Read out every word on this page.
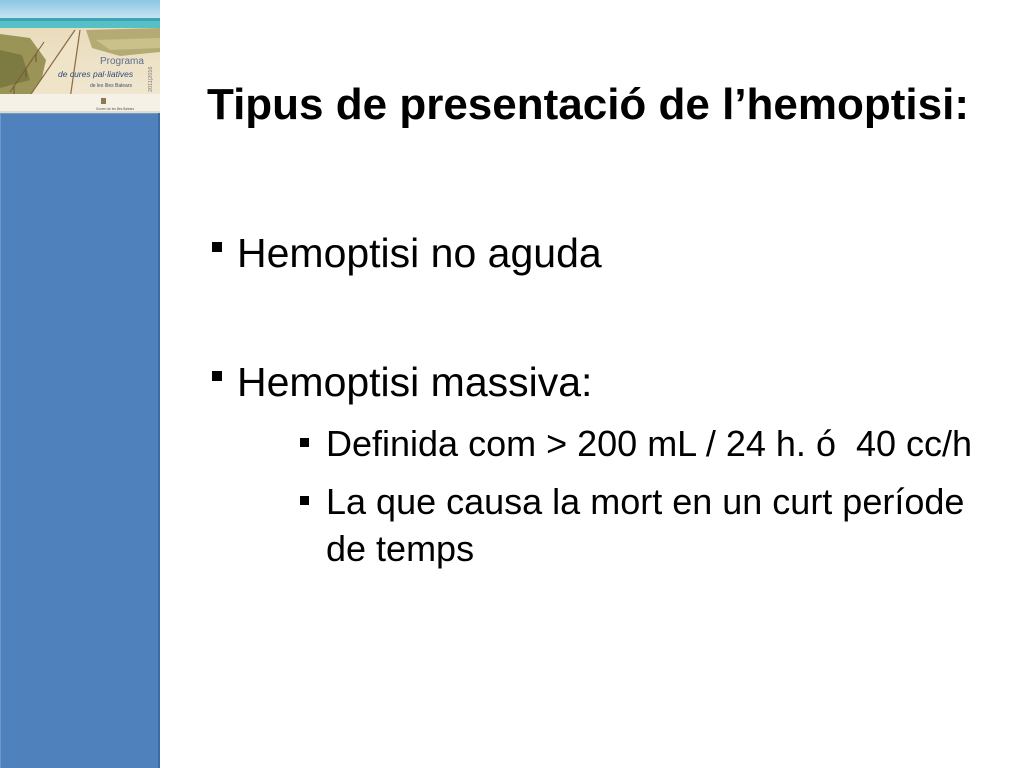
Programa
de cures pal·liatives
de les Illes Balears	2011|2016
Govern de les Illes Balears Tipus de presentació de l’hemoptisi:
Hemoptisi no aguda
Hemoptisi massiva:
Definida com > 200 mL / 24 h. ó  40 cc/h
La que causa la mort en un curt període de temps
